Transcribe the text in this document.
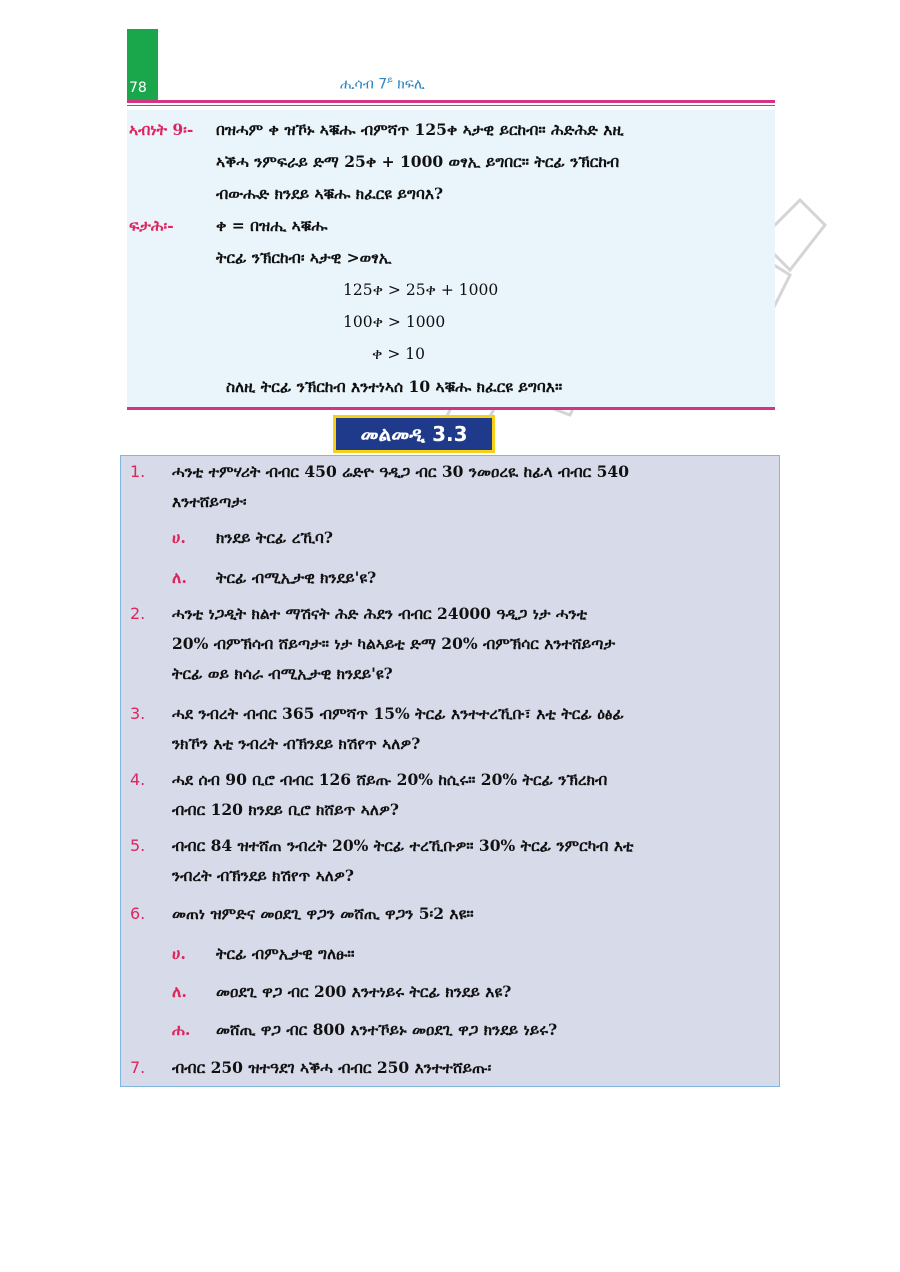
78	ሒሳብ $7^ይ$ ክፍሊ
ኣብነት 9፡- በዝሓም ቀ ዝኾኑ ኣቑሑ ብምሻጥ 125ቀ ኣታዊ ይርከብ። ሕድሕድ እዚ
ኣቕሓ ንምፍራይ ድማ 25ቀ + 1000 ወፃኢ ይግበር። ትርፊ ንኽርከብ
ብውሑድ ክንደይ ኣቑሑ ክፈርዩ ይግባእ?
ፍታሕ፡-	ቀ = በዝሒ ኣቑሑ
ትርፊ ንኽርከብ፡ ኣታዊ >ወፃኢ
125ቀ > 25ቀ + 1000
100ቀ > 1000
ቀ > 10
ስለዚ ትርፊ ንኽርከብ እንተነኣሰ 10 ኣቑሑ ክፈርዩ ይግባእ።
መልመዲ 3.3
1. ሓንቲ ተምሃሪት ብብር 450 ሬድዮ ዓዲጋ ብር 30 ንመዐረዪ ከፊላ ብብር 540
እንተሸይጣታ፡
ሀ. ክንደይ ትርፊ ረኺባ?
ለ. ትርፊ ብሚኢታዊ ክንደይ'ዩ?
2. ሓንቲ ነጋዲት ክልተ ማሽናት ሕድ ሕደን ብብር 24000 ዓዲጋ ነታ ሓንቲ
20% ብምኽሳብ ሸይጣታ። ነታ ካልኣይቲ ድማ 20% ብምኽሳር እንተሸይጣታ
ትርፊ ወይ ክሳራ ብሚኢታዊ ክንደይ'ዩ?
3. ሓደ ንብረት ብብር 365 ብምሻጥ 15% ትርፊ እንተተረኺቡ፣ እቲ ትርፊ ዕፅፊ
ንክኾን እቲ ንብረት ብኽንደይ ክሽየጥ ኣለዎ?
4. ሓደ ሰብ 90 ቢሮ ብብር 126 ሸይጡ 20% ከሲሩ። 20% ትርፊ ንኽረክብ
ብብር 120 ክንደይ ቢሮ ክሸይጥ ኣለዎ?
5. ብብር 84 ዝተሸጠ ንብረት 20% ትርፊ ተረኺቡዎ። 30% ትርፊ ንምርካብ እቲ
ንብረት ብኽንደይ ክሽየጥ ኣለዎ?
6. መጠነ ዝምድና መዐደጊ ዋጋን መሸጢ ዋጋን 5፡2 እዩ።
ሀ. ትርፊ ብምኢታዊ ግለፁ።
ለ. መዐደጊ ዋጋ ብር 200 እንተነይሩ ትርፊ ክንደይ እዩ?
ሐ. መሸጢ ዋጋ ብር 800 እንተኾይኑ መዐደጊ ዋጋ ክንደይ ነይሩ?
7. ብብር 250 ዝተዓደገ ኣቕሓ ብብር 250 እንተተሸይጡ፡
